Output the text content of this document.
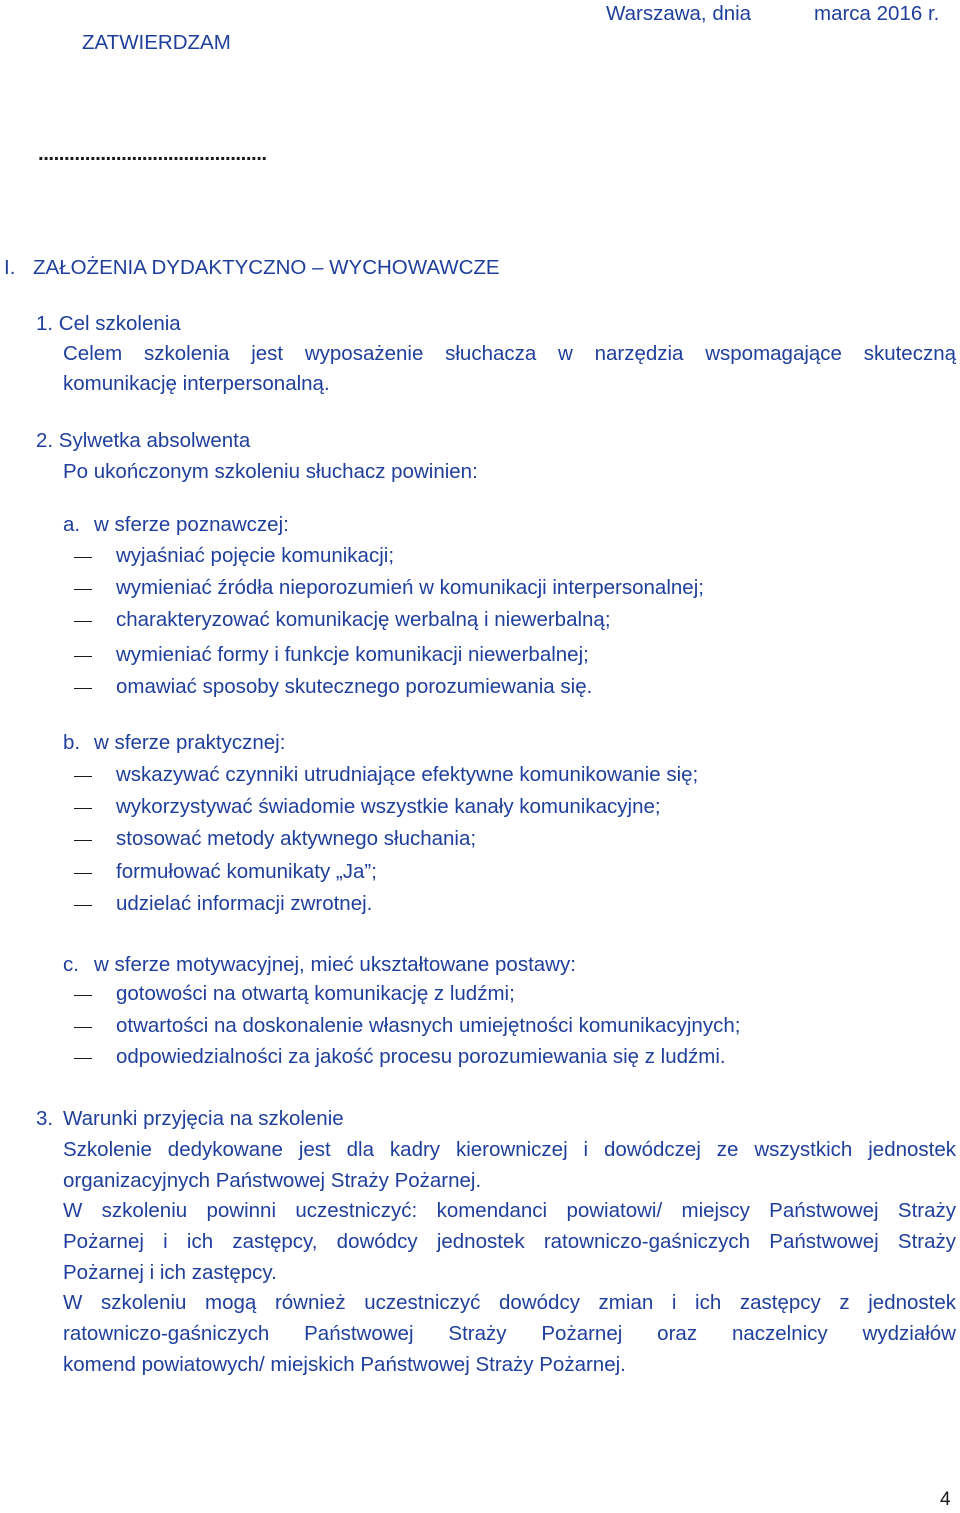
ZATWIERDZAM
Warszawa, dnia	marca 2016 r.
............................................
I. ZAŁOŻENIA DYDAKTYCZNO – WYCHOWAWCZE
1. Cel szkolenia
Celem szkolenia jest wyposażenie słuchacza w narzędzia wspomagające skuteczną
komunikację interpersonalną.
2. Sylwetka absolwenta
Po ukończonym szkoleniu słuchacz powinien:
a. w sferze poznawczej:
wyjaśniać pojęcie komunikacji;
wymieniać źródła nieporozumień w komunikacji interpersonalnej;
charakteryzować komunikację werbalną i niewerbalną;
wymieniać formy i funkcje komunikacji niewerbalnej;
omawiać sposoby skutecznego porozumiewania się.
b. w sferze praktycznej:
wskazywać czynniki utrudniające efektywne komunikowanie się;
wykorzystywać świadomie wszystkie kanały komunikacyjne;
stosować metody aktywnego słuchania;
formułować komunikaty „Ja”;
udzielać informacji zwrotnej.
c. w sferze motywacyjnej, mieć ukształtowane postawy:
gotowości na otwartą komunikację z ludźmi;
otwartości na doskonalenie własnych umiejętności komunikacyjnych;
odpowiedzialności za jakość procesu porozumiewania się z ludźmi.
3. Warunki przyjęcia na szkolenie
Szkolenie dedykowane jest dla kadry kierowniczej i dowódczej ze wszystkich jednostek
organizacyjnych Państwowej Straży Pożarnej.
W szkoleniu powinni uczestniczyć: komendanci powiatowi/ miejscy Państwowej Straży
Pożarnej i ich zastępcy, dowódcy jednostek ratowniczo-gaśniczych Państwowej Straży
Pożarnej i ich zastępcy.
W szkoleniu mogą również uczestniczyć dowódcy zmian i ich zastępcy z jednostek
ratowniczo-gaśniczych Państwowej Straży Pożarnej oraz naczelnicy wydziałów
komend powiatowych/ miejskich Państwowej Straży Pożarnej.
4
